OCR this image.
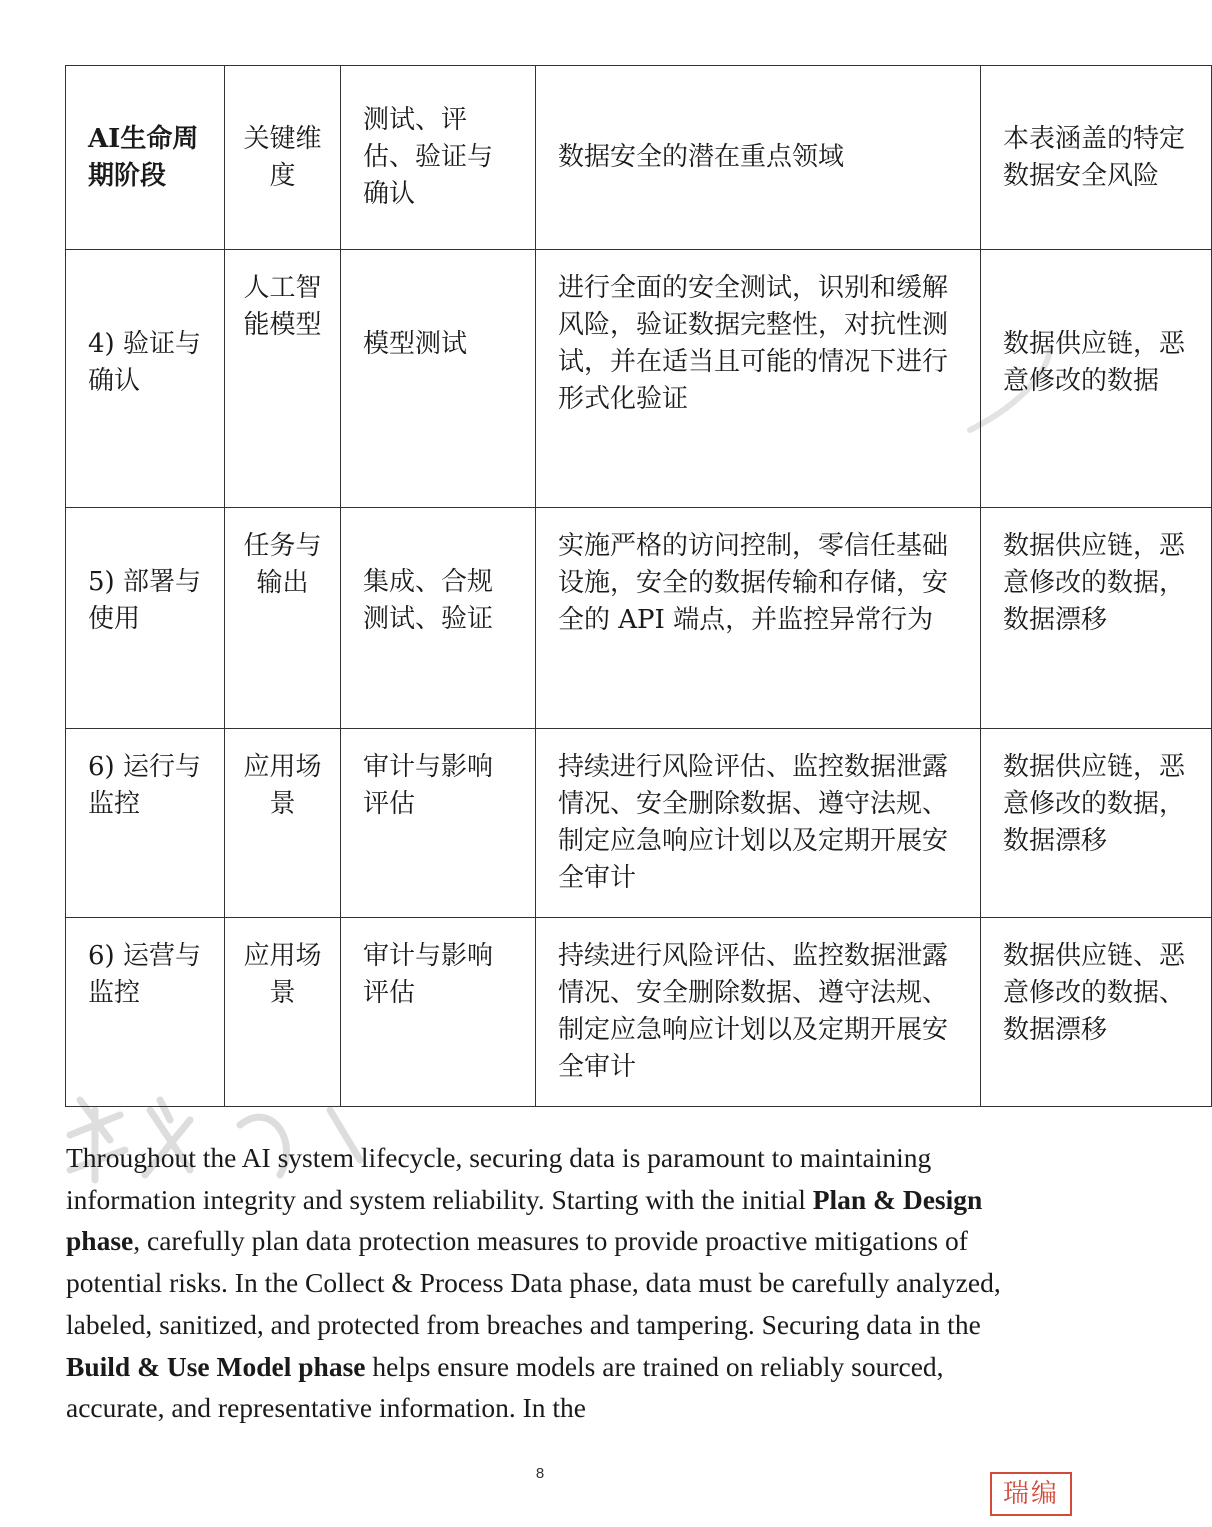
AI生命周期阶段	关键维度	测试、评估、验证与确认	数据安全的潜在重点领域	本表涵盖的特定数据安全风险

4) 验证与确认	人工智能模型	模型测试	进行全面的安全测试，识别和缓解风险，验证数据完整性，对抗性测试，并在适当且可能的情况下进行形式化验证	数据供应链，恶意修改的数据

5) 部署与使用	任务与输出	集成、合规测试、验证	实施严格的访问控制，零信任基础设施，安全的数据传输和存储，安全的 API 端点，并监控异常行为	数据供应链，恶意修改的数据，数据漂移
6) 运行与监控	应用场景	审计与影响评估	持续进行风险评估、监控数据泄露情况、安全删除数据、遵守法规、制定应急响应计划以及定期开展安全审计	数据供应链，恶意修改的数据，数据漂移
6) 运营与监控	应用场景	审计与影响评估	持续进行风险评估、监控数据泄露情况、安全删除数据、遵守法规、制定应急响应计划以及定期开展安全审计	数据供应链、恶意修改的数据、数据漂移
Throughout the AI system lifecycle, securing data is paramount to maintaining information integrity and system reliability. Starting with the initial Plan & Design phase, carefully plan data protection measures to provide proactive mitigations of potential risks. In the Collect & Process Data phase, data must be carefully analyzed, labeled, sanitized, and protected from breaches and tampering. Securing data in the Build & Use Model phase helps ensure models are trained on reliably sourced, accurate, and representative information. In the
8
瑞编
